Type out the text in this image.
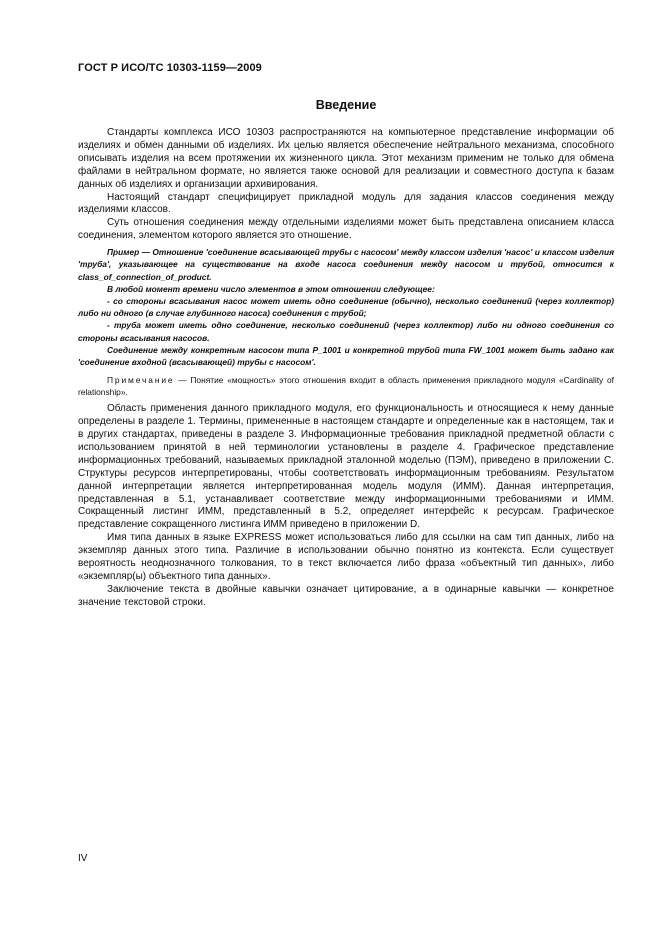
ГОСТ Р ИСО/ТС 10303-1159—2009
Введение

Стандарты комплекса ИСО 10303 распространяются на компьютерное представление информации об изделиях и обмен данными об изделиях. Их целью является обеспечение нейтрального механизма, способного описывать изделия на всем протяжении их жизненного цикла. Этот механизм применим не только для обмена файлами в нейтральном формате, но является также основой для реализации и совместного доступа к базам данных об изделиях и организации архивирования.

Настоящий стандарт специфицирует прикладной модуль для задания классов соединения между изделиями классов.

Суть отношения соединения между отдельными изделиями может быть представлена описанием класса соединения, элементом которого является это отношение.

Пример — Отношение 'соединение всасывающей трубы с насосом' между классом изделия 'насос' и классом изделия 'труба', указывающее на существование на входе насоса соединения между насосом и трубой, относится к class_of_connection_of_product.

В любой момент времени число элементов в этом отношении следующее:

- со стороны всасывания насос может иметь одно соединение (обычно), несколько соединений (через коллектор) либо ни одного (в случае глубинного насоса) соединения с трубой;

- труба может иметь одно соединение, несколько соединений (через коллектор) либо ни одного соединения со стороны всасывания насосов.

Соединение между конкретным насосом типа P_1001 и конкретной трубой типа FW_1001 может быть задано как 'соединение входной (всасывающей) трубы с насосом'.

Примечание — Понятие «мощность» этого отношения входит в область применения прикладного модуля «Cardinality of relationship».

Область применения данного прикладного модуля, его функциональность и относящиеся к нему данные определены в разделе 1. Термины, примененные в настоящем стандарте и определенные как в настоящем, так и в других стандартах, приведены в разделе 3. Информационные требования прикладной предметной области с использованием принятой в ней терминологии установлены в разделе 4. Графическое представление информационных требований, называемых прикладной эталонной моделью (ПЭМ), приведено в приложении С. Структуры ресурсов интерпретированы, чтобы соответствовать информационным требованиям. Результатом данной интерпретации является интерпретированная модель модуля (ИММ). Данная интерпретация, представленная в 5.1, устанавливает соответствие между информационными требованиями и ИММ. Сокращенный листинг ИММ, представленный в 5.2, определяет интерфейс к ресурсам. Графическое представление сокращенного листинга ИММ приведено в приложении D.

Имя типа данных в языке EXPRESS может использоваться либо для ссылки на сам тип данных, либо на экземпляр данных этого типа. Различие в использовании обычно понятно из контекста. Если существует вероятность неоднозначного толкования, то в текст включается либо фраза «объектный тип данных», либо «экземпляр(ы) объектного типа данных».

Заключение текста в двойные кавычки означает цитирование, а в одинарные кавычки — конкретное значение текстовой строки.

IV
